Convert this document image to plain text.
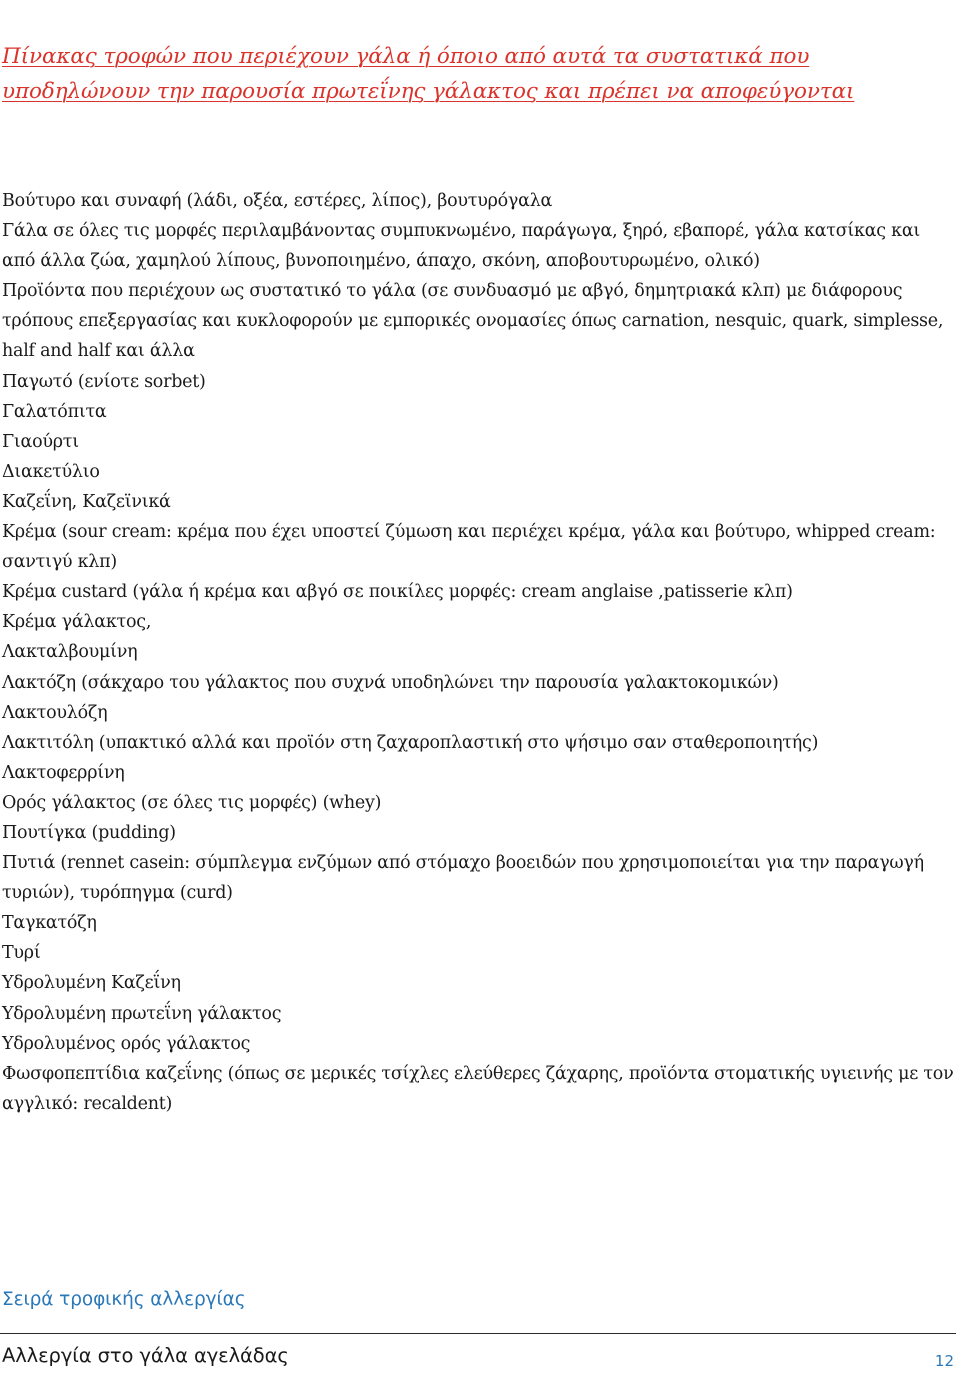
Πίνακας τροφών που περιέχουν γάλα ή όποιο από αυτά τα συστατικά που υποδηλώνουν την παρουσία πρωτεΐνης γάλακτος και πρέπει να αποφεύγονται
Βούτυρο και συναφή (λάδι, οξέα, εστέρες, λίπος), βουτυρόγαλα
Γάλα σε όλες τις μορφές περιλαμβάνοντας συμπυκνωμένο, παράγωγα, ξηρό, εβαπορέ, γάλα κατσίκας και από άλλα ζώα, χαμηλού λίπους, βυνοποιημένο, άπαχο, σκόνη, αποβουτυρωμένο, ολικό)
Προϊόντα που περιέχουν ως συστατικό το γάλα (σε συνδυασμό με αβγό, δημητριακά κλπ) με διάφορους τρόπους επεξεργασίας και κυκλοφορούν με εμπορικές ονομασίες όπως carnation, nesquic, quark, simplesse, half and half και άλλα
Παγωτό (ενίοτε sorbet)
Γαλατόπιτα
Γιαούρτι
Διακετύλιο
Καζεΐνη, Καζεϊνικά
Κρέμα (sour cream: κρέμα που έχει υποστεί ζύμωση και περιέχει κρέμα, γάλα και βούτυρο, whipped cream: σαντιγύ κλπ)
Κρέμα custard (γάλα ή κρέμα και αβγό σε ποικίλες μορφές: cream anglaise ,patisserie κλπ)
Κρέμα γάλακτος,
Λακταλβουμίνη
Λακτόζη (σάκχαρο του γάλακτος που συχνά υποδηλώνει την παρουσία γαλακτοκομικών)
Λακτουλόζη
Λακτιτόλη (υπακτικό αλλά και προϊόν στη ζαχαροπλαστική στο ψήσιμο σαν σταθεροποιητής)
Λακτοφερρίνη
Ορός γάλακτος (σε όλες τις μορφές) (whey)
Πουτίγκα (pudding)
Πυτιά (rennet casein: σύμπλεγμα ενζύμων από στόμαχο βοοειδών που χρησιμοποιείται για την παραγωγή τυριών), τυρόπηγμα (curd)
Ταγκατόζη
Τυρί
Υδρολυμένη Καζεΐνη
Υδρολυμένη πρωτεΐνη γάλακτος
Υδρολυμένος ορός γάλακτος
Φωσφοπεπτίδια καζεΐνης (όπως σε μερικές τσίχλες ελεύθερες ζάχαρης, προϊόντα στοματικής υγιεινής με τον αγγλικό: recaldent)

Σειρά τροφικής αλλεργίας

Αλλεργία στο γάλα αγελάδας	12
